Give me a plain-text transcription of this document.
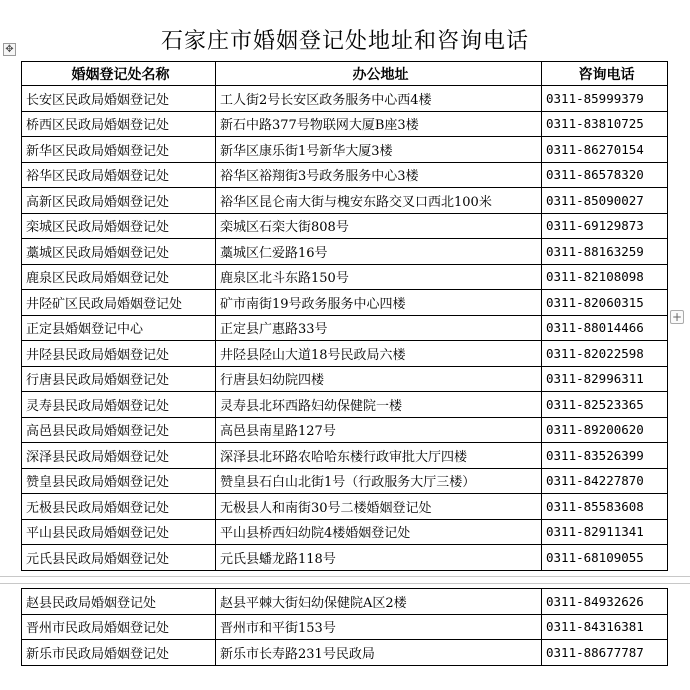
石家庄市婚姻登记处地址和咨询电话
✥
+
婚姻登记处名称	办公地址	咨询电话
长安区民政局婚姻登记处	工人街2号长安区政务服务中心西4楼	0311-85999379
桥西区民政局婚姻登记处	新石中路377号物联网大厦B座3楼	0311-83810725
新华区民政局婚姻登记处	新华区康乐街1号新华大厦3楼	0311-86270154
裕华区民政局婚姻登记处	裕华区裕翔街3号政务服务中心3楼	0311-86578320
高新区民政局婚姻登记处	裕华区昆仑南大街与槐安东路交叉口西北100米	0311-85090027
栾城区民政局婚姻登记处	栾城区石栾大街808号	0311-69129873
藁城区民政局婚姻登记处	藁城区仁爱路16号	0311-88163259
鹿泉区民政局婚姻登记处	鹿泉区北斗东路150号	0311-82108098
井陉矿区民政局婚姻登记处	矿市南街19号政务服务中心四楼	0311-82060315
正定县婚姻登记中心	正定县广惠路33号	0311-88014466
井陉县民政局婚姻登记处	井陉县陉山大道18号民政局六楼	0311-82022598
行唐县民政局婚姻登记处	行唐县妇幼院四楼	0311-82996311
灵寿县民政局婚姻登记处	灵寿县北环西路妇幼保健院一楼	0311-82523365
高邑县民政局婚姻登记处	高邑县南星路127号	0311-89200620
深泽县民政局婚姻登记处	深泽县北环路农哈哈东楼行政审批大厅四楼	0311-83526399
赞皇县民政局婚姻登记处	赞皇县石白山北街1号（行政服务大厅三楼）	0311-84227870
无极县民政局婚姻登记处	无极县人和南街30号二楼婚姻登记处	0311-85583608
平山县民政局婚姻登记处	平山县桥西妇幼院4楼婚姻登记处	0311-82911341
元氏县民政局婚姻登记处	元氏县蟠龙路118号	0311-68109055
赵县民政局婚姻登记处	赵县平棘大街妇幼保健院A区2楼	0311-84932626
晋州市民政局婚姻登记处	晋州市和平街153号	0311-84316381
新乐市民政局婚姻登记处	新乐市长寿路231号民政局	0311-88677787
